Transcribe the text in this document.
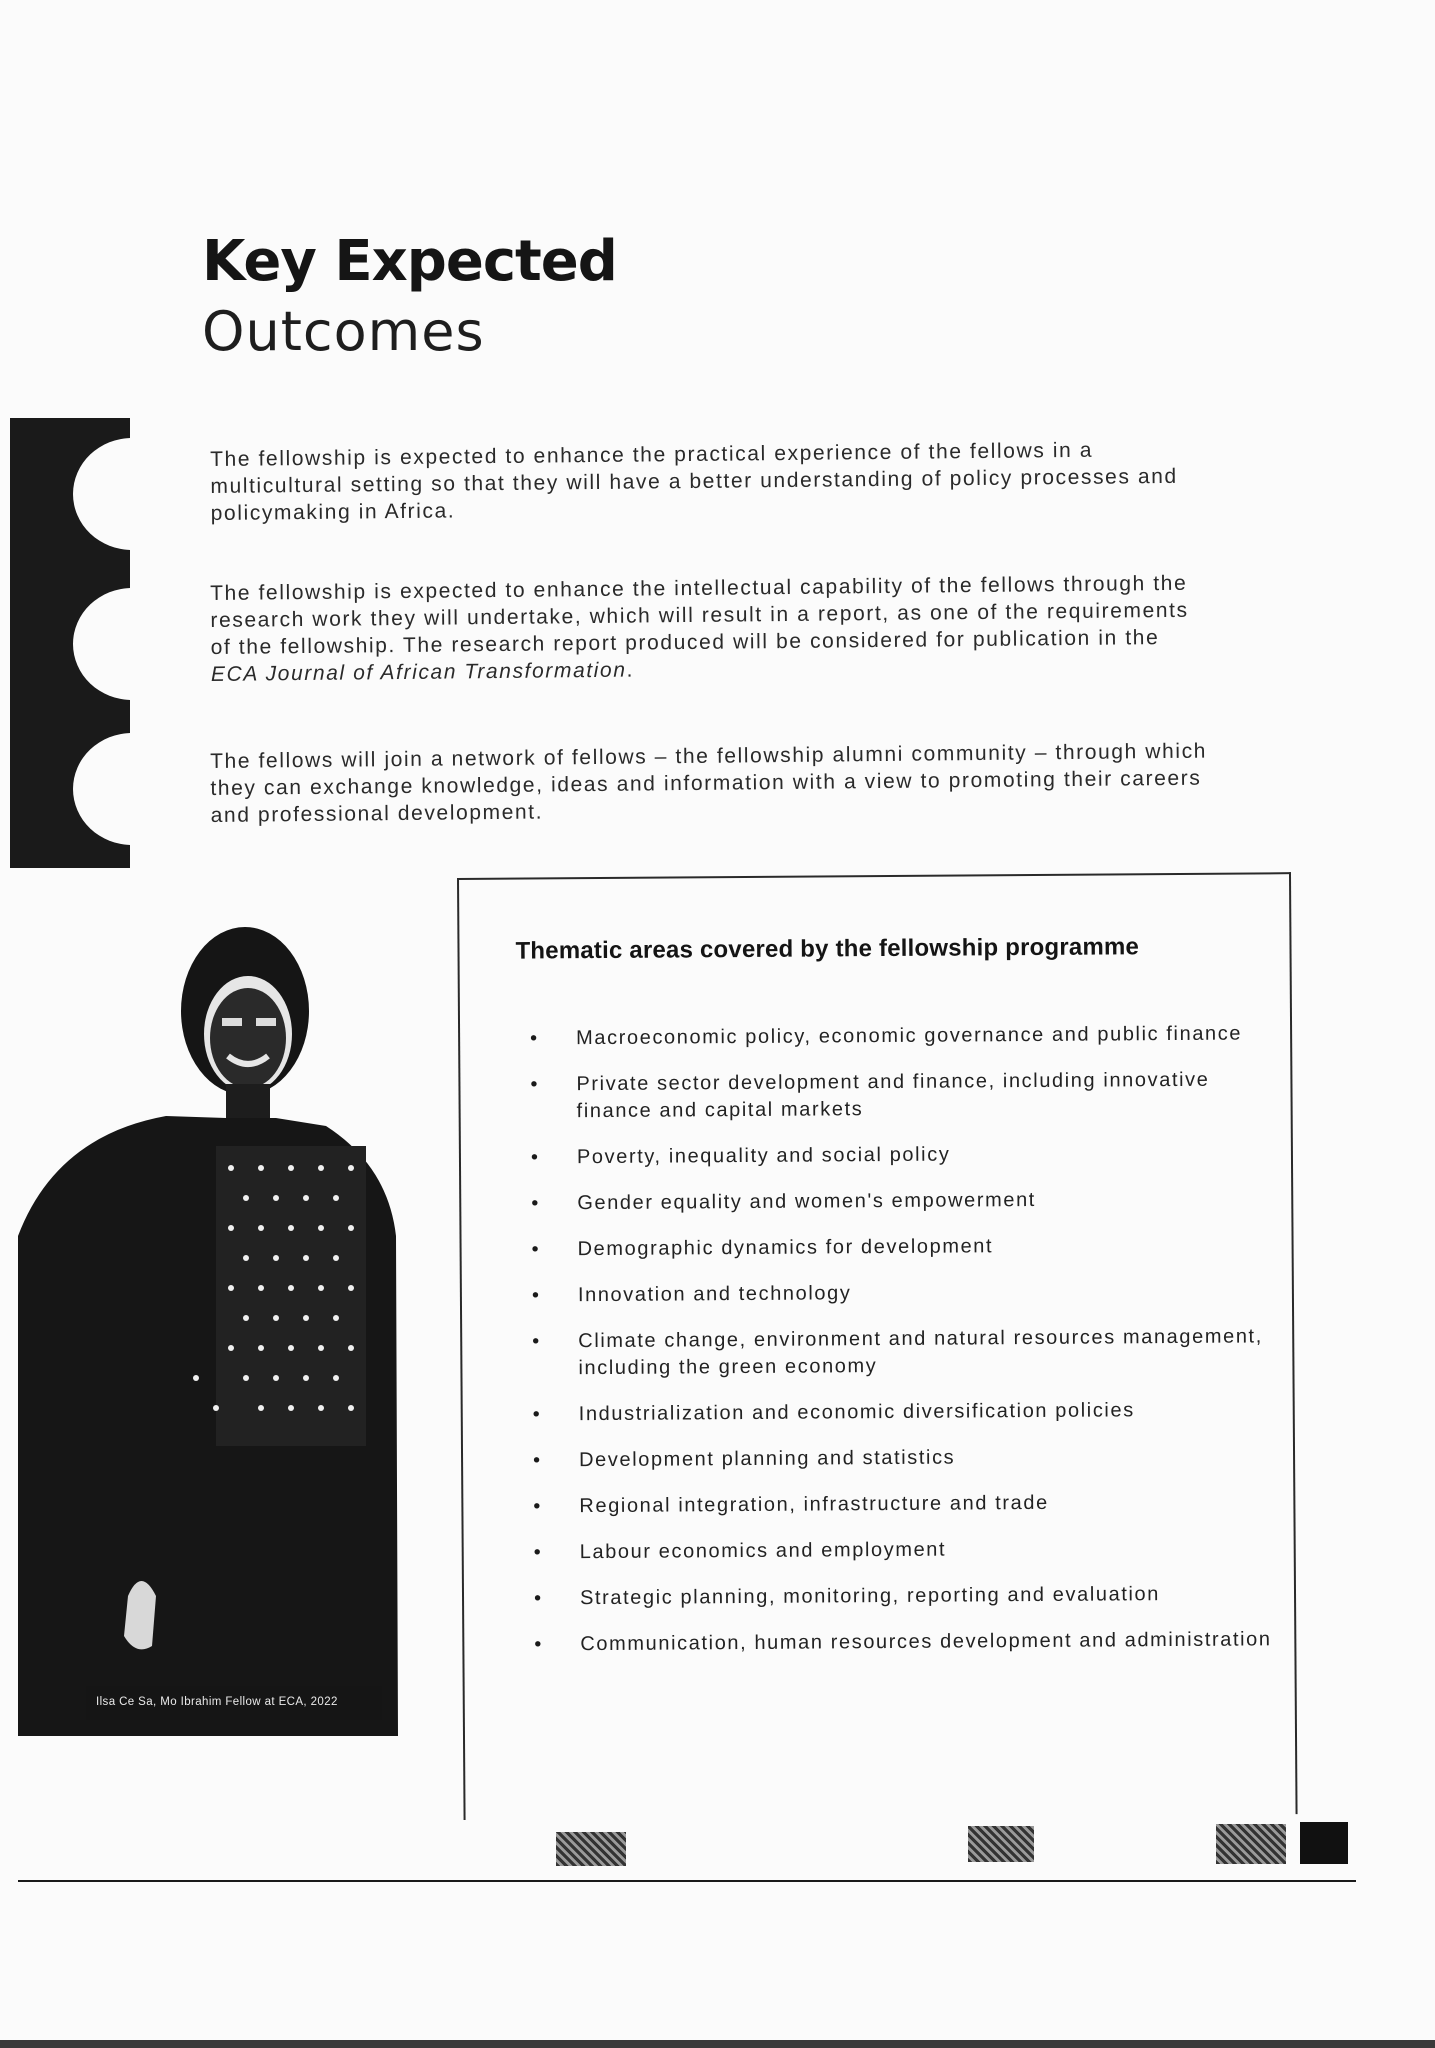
Key Expected
Outcomes

The fellowship is expected to enhance the practical experience of the fellows in a multicultural setting so that they will have a better understanding of policy processes and policymaking in Africa.

The fellowship is expected to enhance the intellectual capability of the fellows through the research work they will undertake, which will result in a report, as one of the requirements of the fellowship. The research report produced will be considered for publication in the ECA Journal of African Transformation.

The fellows will join a network of fellows – the fellowship alumni community – through which they can exchange knowledge, ideas and information with a view to promoting their careers and professional development.

Ilsa Ce Sa, Mo Ibrahim Fellow at ECA, 2022
Thematic areas covered by the fellowship programme
• Macroeconomic policy, economic governance and public finance
• Private sector development and finance, including innovative finance and capital markets
• Poverty, inequality and social policy
• Gender equality and women's empowerment
• Demographic dynamics for development
• Innovation and technology
• Climate change, environment and natural resources management, including the green economy
• Industrialization and economic diversification policies
• Development planning and statistics
• Regional integration, infrastructure and trade
• Labour economics and employment
• Strategic planning, monitoring, reporting and evaluation
• Communication, human resources development and administration
